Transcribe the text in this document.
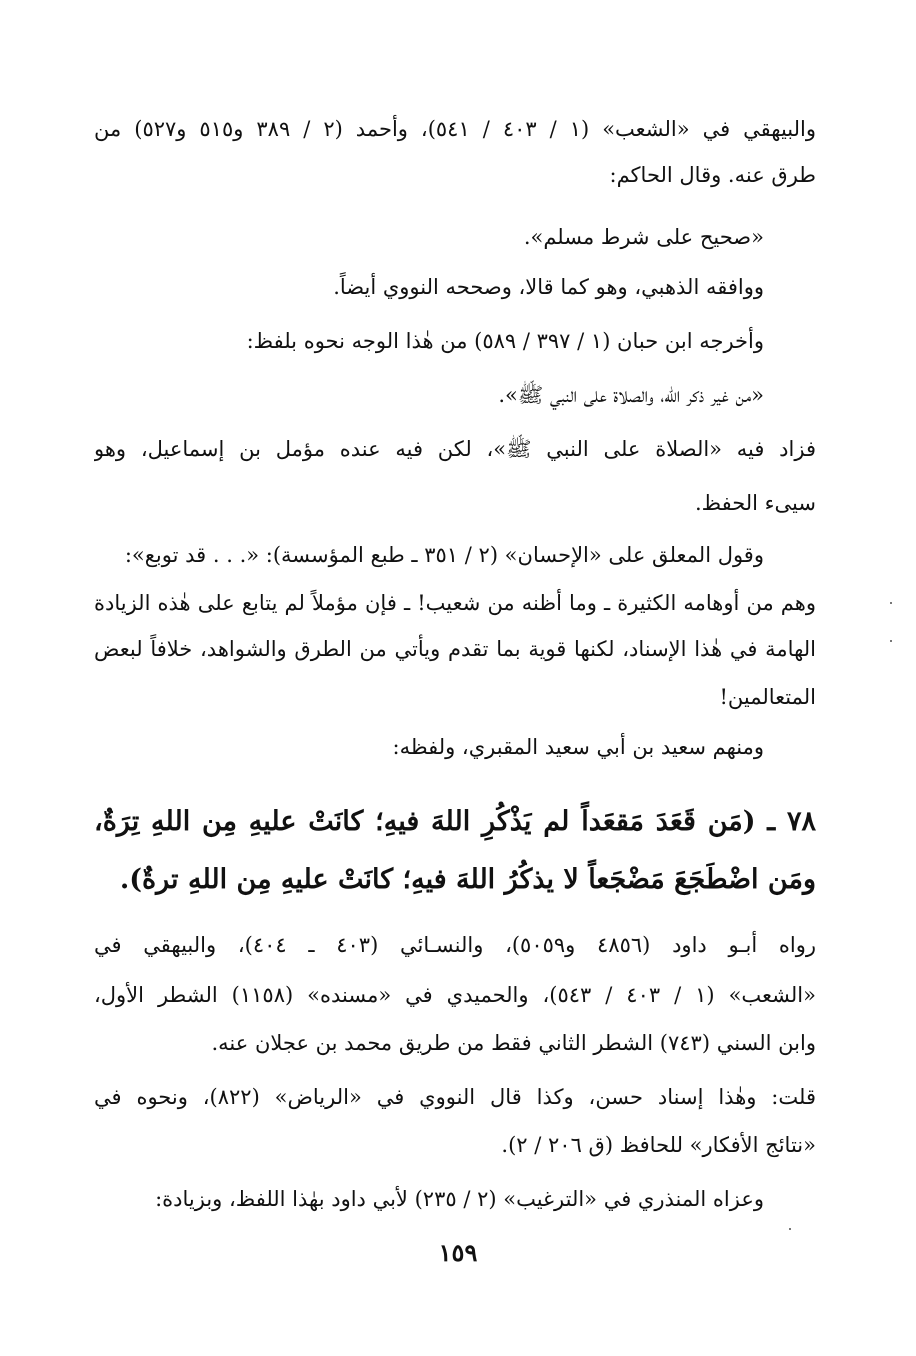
والبيهقي في «الشعب» (١ / ٤٠٣ / ٥٤١)، وأحمد (٢ / ٣٨٩ و٥١٥ و٥٢٧) من
طرق عنه. وقال الحاكم:
«صحيح على شرط مسلم».
ووافقه الذهبي، وهو كما قالا، وصححه النووي أيضاً.
وأخرجه ابن حبان (١ / ٣٩٧ / ٥٨٩) من هٰذا الوجه نحوه بلفظ:
«من غير ذكر الله، والصلاة على النبي ﷺ».
فزاد فيه «الصلاة على النبي ﷺ»، لكن فيه عنده مؤمل بن إسماعيل، وهو
سيىء الحفظ.
وقول المعلق على «الإحسان» (٢ / ٣٥١ ـ طبع المؤسسة): «. . . قد توبع»:
وهم من أوهامه الكثيرة ـ وما أظنه من شعيب! ـ فإن مؤملاً لم يتابع على هٰذه الزيادة
الهامة في هٰذا الإسناد، لكنها قوية بما تقدم ويأتي من الطرق والشواهد، خلافاً لبعض
المتعالمين!
ومنهم سعيد بن أبي سعيد المقبري، ولفظه:
٧٨ ـ (مَن قَعَدَ مَقعَداً لم يَذْكُرِ اللهَ فيهِ؛ كانَتْ عليهِ مِن اللهِ تِرَةٌ،
ومَن اضْطَجَعَ مَضْجَعاً لا يذكُرُ اللهَ فيهِ؛ كانَتْ عليهِ مِن اللهِ ترةٌ).
رواه أبـو داود (٤٨٥٦ و٥٠٥٩)، والنسـائي (٤٠٣ ـ ٤٠٤)، والبيهقي في
«الشعب» (١ / ٤٠٣ / ٥٤٣)، والحميدي في «مسنده» (١١٥٨) الشطر الأول،
وابن السني (٧٤٣) الشطر الثاني فقط من طريق محمد بن عجلان عنه.
قلت: وهٰذا إسناد حسن، وكذا قال النووي في «الرياض» (٨٢٢)، ونحوه في
«نتائج الأفكار» للحافظ (ق ٢٠٦ / ٢).
وعزاه المنذري في «الترغيب» (٢ / ٢٣٥) لأبي داود بهٰذا اللفظ، وبزيادة:
١٥٩
